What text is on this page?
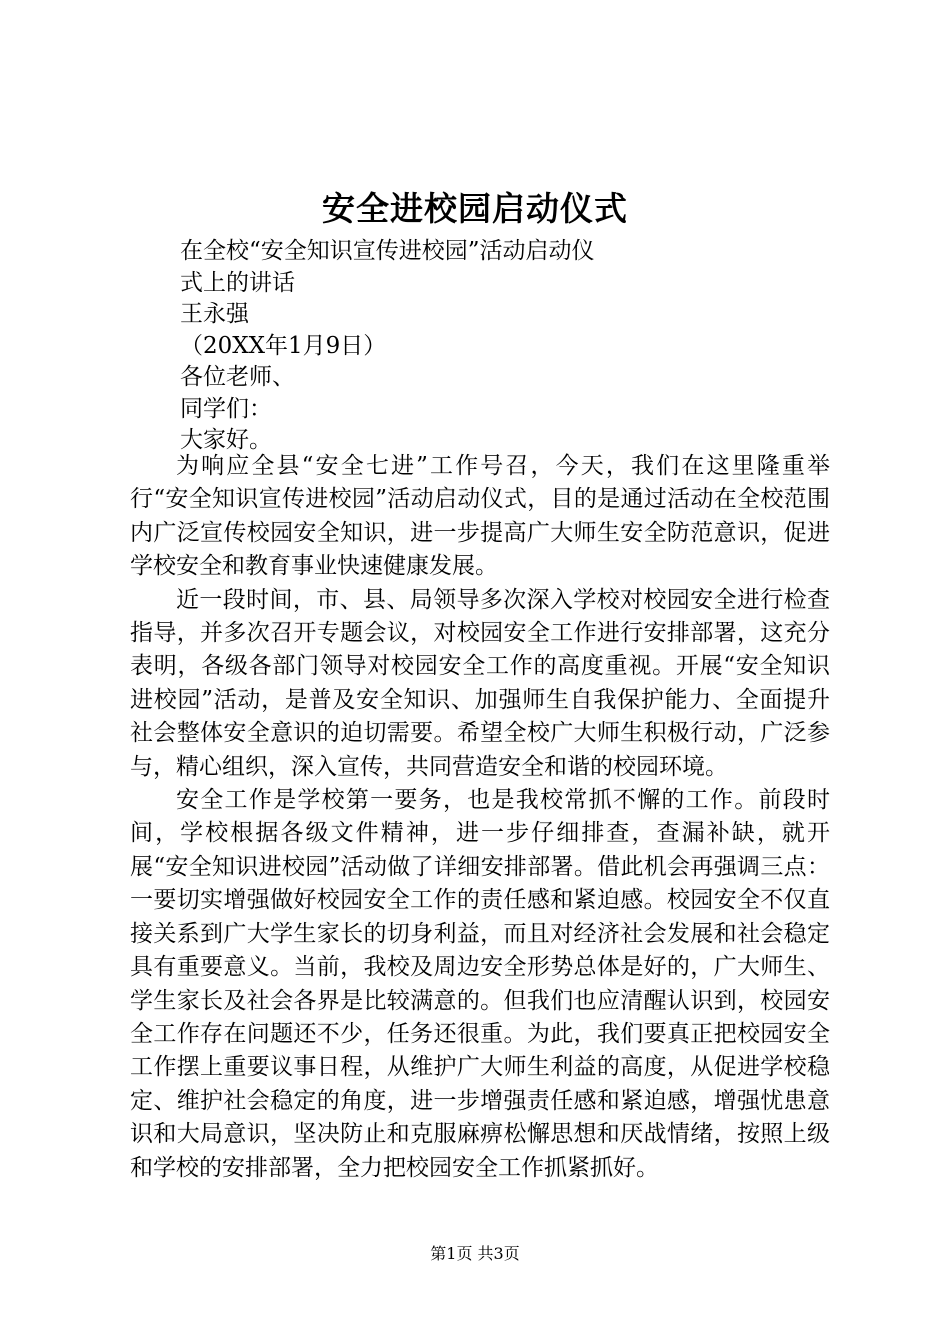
安全进校园启动仪式
在全校“安全知识宣传进校园”活动启动仪
式上的讲话
王永强
（20XX年1月9日）
各位老师、
同学们：
大家好。

为响应全县“安全七进”工作号召，今天，我们在这里隆重举行“安全知识宣传进校园”活动启动仪式，目的是通过活动在全校范围内广泛宣传校园安全知识，进一步提高广大师生安全防范意识，促进学校安全和教育事业快速健康发展。

近一段时间，市、县、局领导多次深入学校对校园安全进行检查指导，并多次召开专题会议，对校园安全工作进行安排部署，这充分表明，各级各部门领导对校园安全工作的高度重视。开展“安全知识进校园”活动，是普及安全知识、加强师生自我保护能力、全面提升社会整体安全意识的迫切需要。希望全校广大师生积极行动，广泛参与，精心组织，深入宣传，共同营造安全和谐的校园环境。

安全工作是学校第一要务，也是我校常抓不懈的工作。前段时间，学校根据各级文件精神，进一步仔细排查，查漏补缺，就开展“安全知识进校园”活动做了详细安排部署。借此机会再强调三点：一要切实增强做好校园安全工作的责任感和紧迫感。校园安全不仅直接关系到广大学生家长的切身利益，而且对经济社会发展和社会稳定具有重要意义。当前，我校及周边安全形势总体是好的，广大师生、学生家长及社会各界是比较满意的。但我们也应清醒认识到，校园安全工作存在问题还不少，任务还很重。为此，我们要真正把校园安全工作摆上重要议事日程，从维护广大师生利益的高度，从促进学校稳定、维护社会稳定的角度，进一步增强责任感和紧迫感，增强忧患意识和大局意识，坚决防止和克服麻痹松懈思想和厌战情绪，按照上级和学校的安排部署，全力把校园安全工作抓紧抓好。

第1页 共3页
